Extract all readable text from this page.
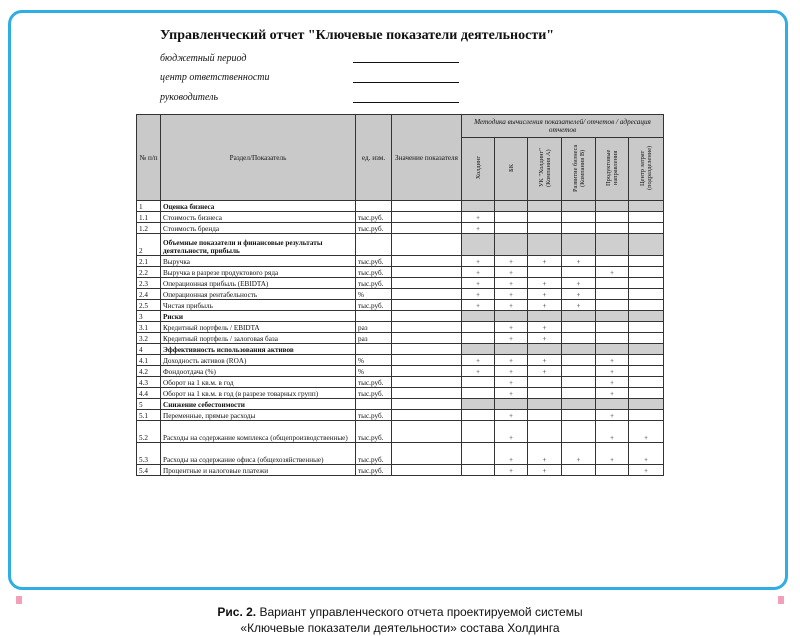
Управленческий отчет "Ключевые показатели деятельности"
бюджетный период
центр ответственности
руководитель
№ п/п	Раздел/Показатель	ед. изм.	Значение показателя	Методика вычисления показателей/ отчетов / адресация отчетов					
				Холдинг	БК	УК "Холдинг" (Компания А)	Развитие бизнеса (Компания В)	Продуктовые направления	Центр затрат (подразделение)
1	Оценка бизнеса								
1.1	Стоимость бизнеса	тыс.руб.		+					
1.2	Стоимость бренда	тыс.руб.		+					
2	Объемные показатели и финансовые результаты деятельности, прибыль								
2.1	Выручка	тыс.руб.		+	+	+	+		
2.2	Выручка в разрезе продуктового ряда	тыс.руб.		+	+			+	
2.3	Операционная прибыль (EBIDTA)	тыс.руб.		+	+	+	+		
2.4	Операционная рентабельность	%		+	+	+	+		
2.5	Чистая прибыль	тыс.руб.		+	+	+	+		
3	Риски								
3.1	Кредитный портфель / EBIDTA	раз			+	+			
3.2	Кредитный портфель / залоговая база	раз			+	+			
4	Эффективность использования активов								
4.1	Доходность активов (ROA)	%		+	+	+		+	
4.2	Фондоотдача (%)	%		+	+	+		+	
4.3	Оборот на 1 кв.м. в год	тыс.руб.			+			+	
4.4	Оборот на 1 кв.м. в год (в разрезе товарных групп)	тыс.руб.			+			+	
5	Снижение себестоимости								
5.1	Переменные, прямые расходы	тыс.руб.			+			+	
5.2	Расходы на содержание комплекса (общепроизводственные)	тыс.руб.			+			+	+
5.3	Расходы на содержание офиса (общехозяйственные)	тыс.руб.			+	+	+	+	+
5.4	Процентные и налоговые платежи	тыс.руб.			+	+			+
Рис. 2. Вариант управленческого отчета проектируемой системы
«Ключевые показатели деятельности» состава Холдинга
